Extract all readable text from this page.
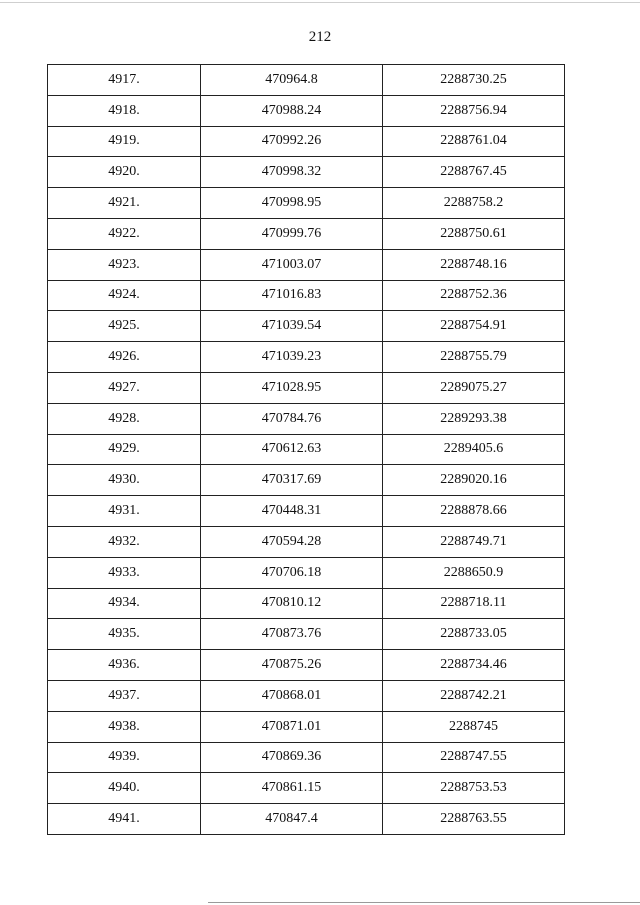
212
4917.	470964.8	2288730.25
4918.	470988.24	2288756.94
4919.	470992.26	2288761.04
4920.	470998.32	2288767.45
4921.	470998.95	2288758.2
4922.	470999.76	2288750.61
4923.	471003.07	2288748.16
4924.	471016.83	2288752.36
4925.	471039.54	2288754.91
4926.	471039.23	2288755.79
4927.	471028.95	2289075.27
4928.	470784.76	2289293.38
4929.	470612.63	2289405.6
4930.	470317.69	2289020.16
4931.	470448.31	2288878.66
4932.	470594.28	2288749.71
4933.	470706.18	2288650.9
4934.	470810.12	2288718.11
4935.	470873.76	2288733.05
4936.	470875.26	2288734.46
4937.	470868.01	2288742.21
4938.	470871.01	2288745
4939.	470869.36	2288747.55
4940.	470861.15	2288753.53
4941.	470847.4	2288763.55
